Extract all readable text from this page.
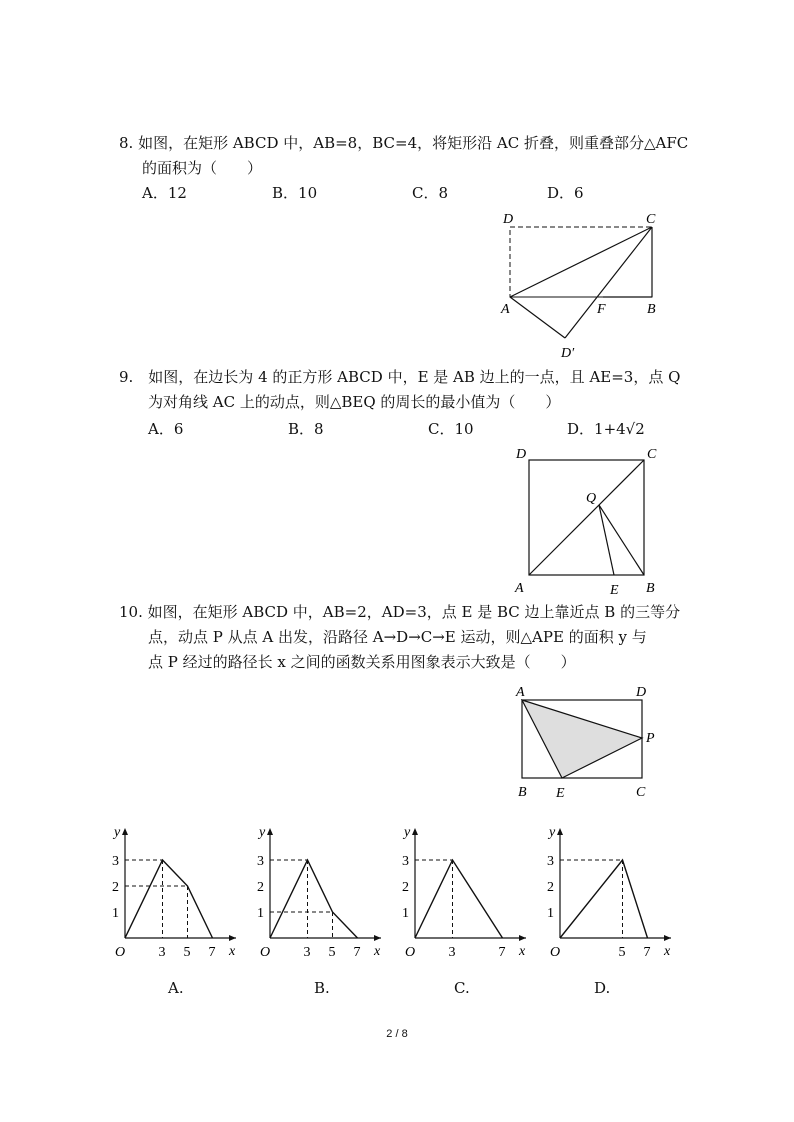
8. 如图，在矩形 ABCD 中，AB=8，BC=4，将矩形沿 AC 折叠，则重叠部分△AFC
的面积为（　　）
A．12	B．10	C．8	D．6
D	C
A	F	B
D′
9.　如图，在边长为 4 的正方形 ABCD 中，E 是 AB 边上的一点，且 AE=3，点 Q
为对角线 AC 上的动点，则△BEQ 的周长的最小值为（　　）
A．6	B．8	C．10	D．1+4√2
D	C
Q
A	E B
10. 如图，在矩形 ABCD 中，AB=2，AD=3，点 E 是 BC 边上靠近点 B 的三等分
点，动点 P 从点 A 出发，沿路径 A→D→C→E 运动，则△APE 的面积 y 与
点 P 经过的路径长 x 之间的函数关系用图象表示大致是（　　）
A	D
P
B E	C
y
x
O
1
2
3
3 5 7
y
x
O
1
2
3
3 5 7
y
x
O
1
2
3
3	7
y
x
O
1
2
3
5 7
A.	B.	C.	D.
2 / 8
